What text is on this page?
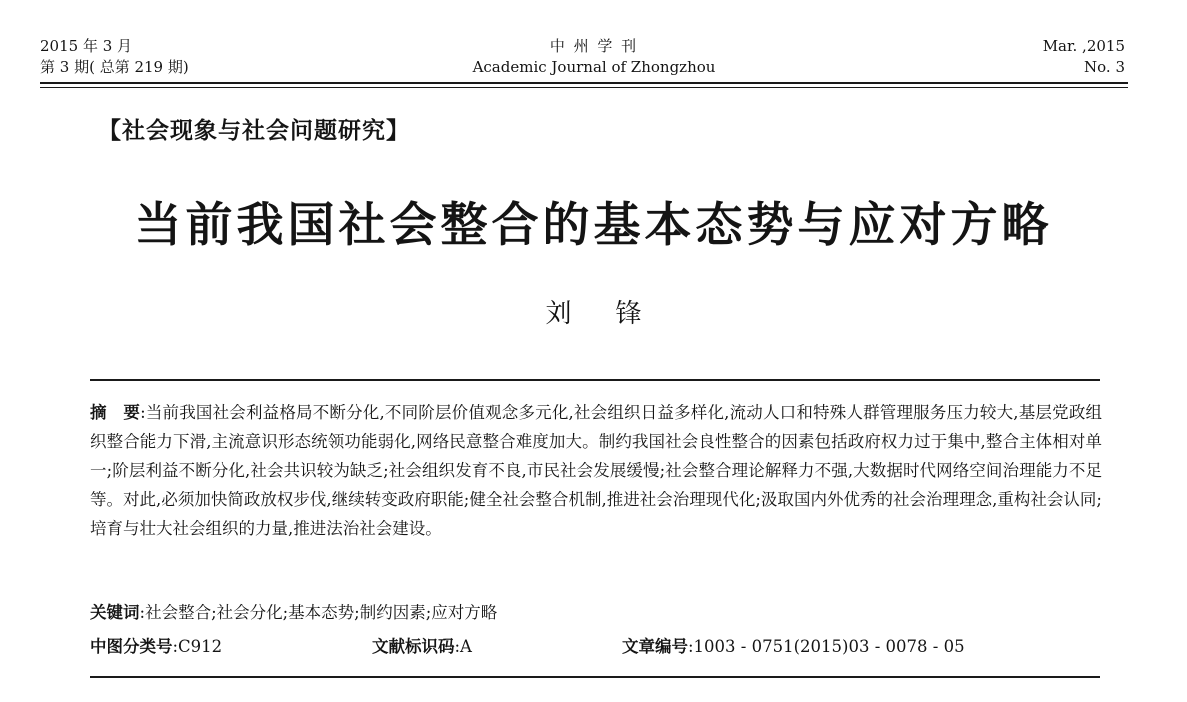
2015 年 3 月
第 3 期( 总第 219 期)
中 州 学 刊
Academic Journal of Zhongzhou
Mar. ,2015
No. 3
【社会现象与社会问题研究】
当前我国社会整合的基本态势与应对方略
刘锋
摘　要:当前我国社会利益格局不断分化,不同阶层价值观念多元化,社会组织日益多样化,流动人口和特殊人群管理服务压力较大,基层党政组织整合能力下滑,主流意识形态统领功能弱化,网络民意整合难度加大。制约我国社会良性整合的因素包括政府权力过于集中,整合主体相对单一;阶层利益不断分化,社会共识较为缺乏;社会组织发育不良,市民社会发展缓慢;社会整合理论解释力不强,大数据时代网络空间治理能力不足等。对此,必须加快简政放权步伐,继续转变政府职能;健全社会整合机制,推进社会治理现代化;汲取国内外优秀的社会治理理念,重构社会认同;培育与壮大社会组织的力量,推进法治社会建设。
关键词:社会整合;社会分化;基本态势;制约因素;应对方略
中图分类号:C912	文献标识码:A	文章编号:1003 - 0751(2015)03 - 0078 - 05
